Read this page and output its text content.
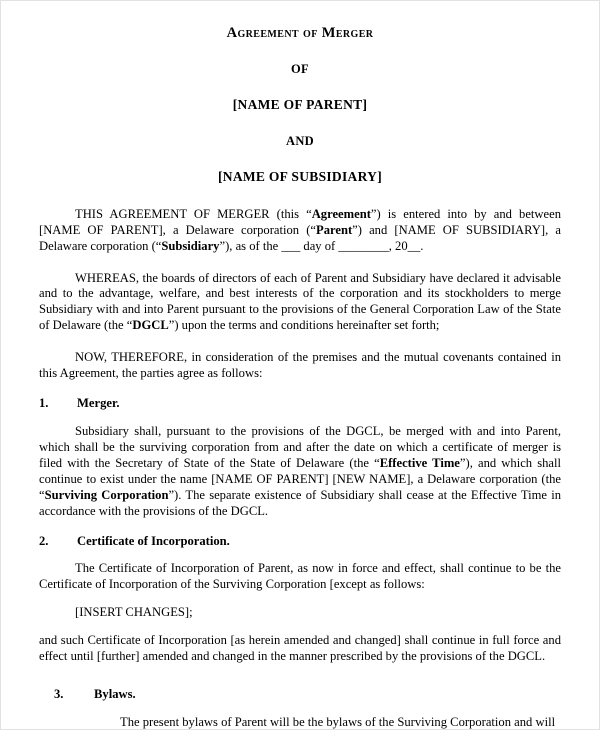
Agreement of Merger
OF
[NAME OF PARENT]
AND
[NAME OF SUBSIDIARY]

THIS AGREEMENT OF MERGER (this “Agreement”) is entered into by and between [NAME OF PARENT], a Delaware corporation (“Parent”) and [NAME OF SUBSIDIARY], a Delaware corporation (“Subsidiary”), as of the ___ day of ________, 20__.

WHEREAS, the boards of directors of each of Parent and Subsidiary have declared it advisable and to the advantage, welfare, and best interests of the corporation and its stockholders to merge Subsidiary with and into Parent pursuant to the provisions of the General Corporation Law of the State of Delaware (the “DGCL”) upon the terms and conditions hereinafter set forth;

NOW, THEREFORE, in consideration of the premises and the mutual covenants contained in this Agreement, the parties agree as follows:

1.	Merger.

Subsidiary shall, pursuant to the provisions of the DGCL, be merged with and into Parent, which shall be the surviving corporation from and after the date on which a certificate of merger is filed with the Secretary of State of the State of Delaware (the “Effective Time”), and which shall continue to exist under the name [NAME OF PARENT] [NEW NAME], a Delaware corporation (the “Surviving Corporation”). The separate existence of Subsidiary shall cease at the Effective Time in accordance with the provisions of the DGCL.

2.	Certificate of Incorporation.

The Certificate of Incorporation of Parent, as now in force and effect, shall continue to be the Certificate of Incorporation of the Surviving Corporation [except as follows:

[INSERT CHANGES];

and such Certificate of Incorporation [as herein amended and changed] shall continue in full force and effect until [further] amended and changed in the manner prescribed by the provisions of the DGCL.

3.	Bylaws.

The present bylaws of Parent will be the bylaws of the Surviving Corporation and will
